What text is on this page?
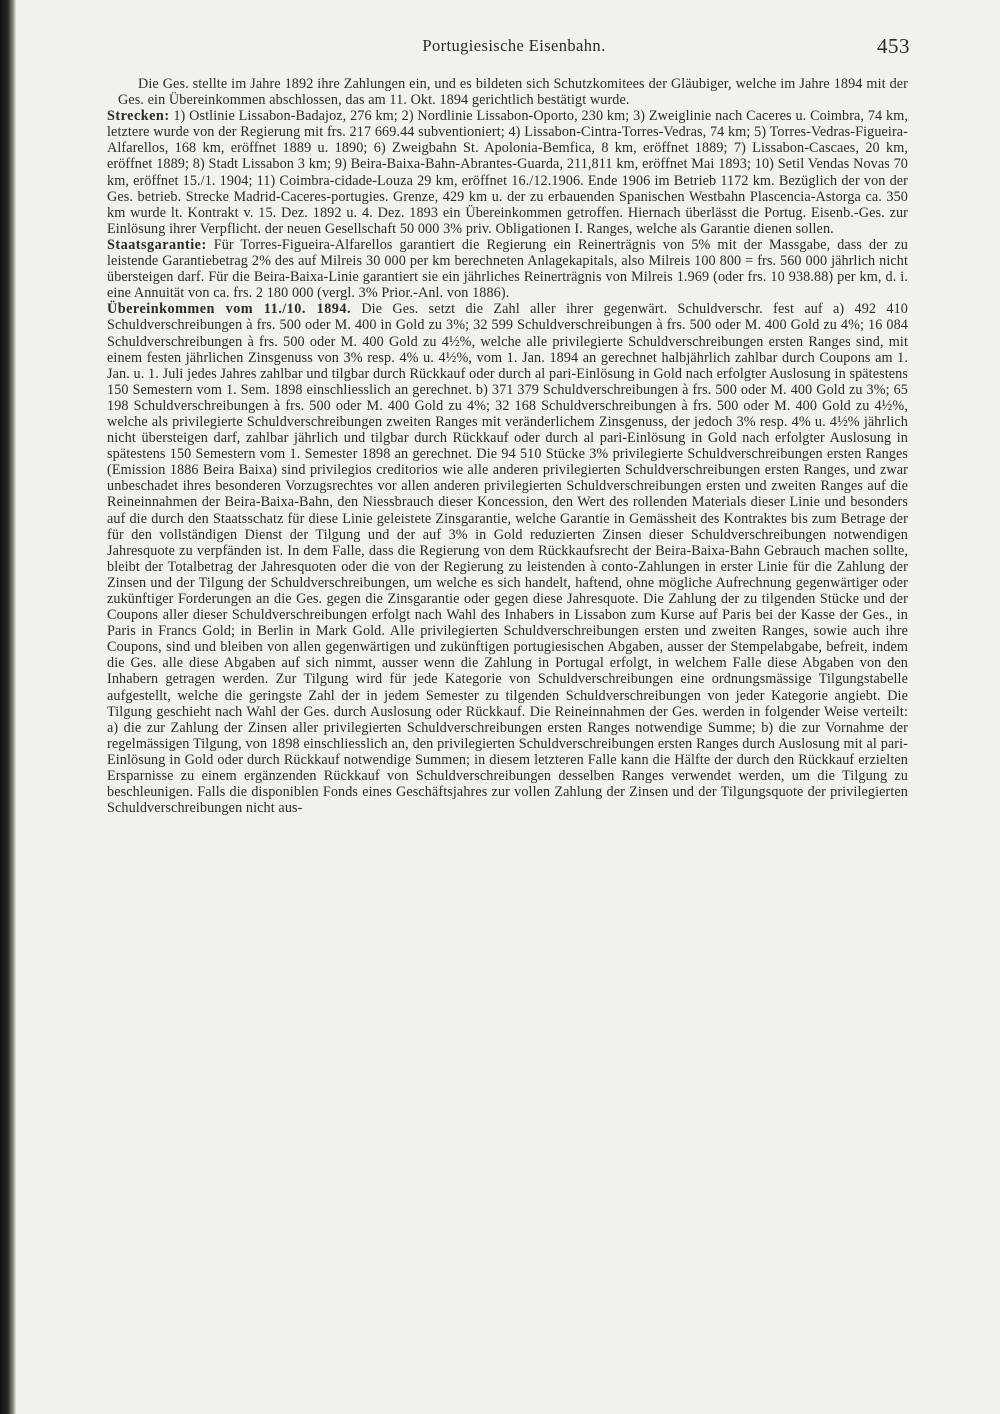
Portugiesische Eisenbahn.	453

Die Ges. stellte im Jahre 1892 ihre Zahlungen ein, und es bildeten sich Schutzkomitees der Gläubiger, welche im Jahre 1894 mit der Ges. ein Übereinkommen abschlossen, das am 11. Okt. 1894 gerichtlich bestätigt wurde.

Strecken: 1) Ostlinie Lissabon-Badajoz, 276 km; 2) Nordlinie Lissabon-Oporto, 230 km; 3) Zweiglinie nach Caceres u. Coimbra, 74 km, letztere wurde von der Regierung mit frs. 217 669.44 subventioniert; 4) Lissabon-Cintra-Torres-Vedras, 74 km; 5) Torres-Vedras-Figueira-Alfarellos, 168 km, eröffnet 1889 u. 1890; 6) Zweigbahn St. Apolonia-Bemfica, 8 km, eröffnet 1889; 7) Lissabon-Cascaes, 20 km, eröffnet 1889; 8) Stadt Lissabon 3 km; 9) Beira-Baixa-Bahn-Abrantes-Guarda, 211,811 km, eröffnet Mai 1893; 10) Setil Vendas Novas 70 km, eröffnet 15./1. 1904; 11) Coimbra-cidade-Louza 29 km, eröffnet 16./12.1906. Ende 1906 im Betrieb 1172 km. Bezüglich der von der Ges. betrieb. Strecke Madrid-Caceres-portugies. Grenze, 429 km u. der zu erbauenden Spanischen Westbahn Plascencia-Astorga ca. 350 km wurde lt. Kontrakt v. 15. Dez. 1892 u. 4. Dez. 1893 ein Übereinkommen getroffen. Hiernach überlässt die Portug. Eisenb.-Ges. zur Einlösung ihrer Verpflicht. der neuen Gesellschaft 50 000 3% priv. Obligationen I. Ranges, welche als Garantie dienen sollen.

Staatsgarantie: Für Torres-Figueira-Alfarellos garantiert die Regierung ein Reinerträgnis von 5% mit der Massgabe, dass der zu leistende Garantiebetrag 2% des auf Milreis 30 000 per km berechneten Anlagekapitals, also Milreis 100 800 = frs. 560 000 jährlich nicht übersteigen darf. Für die Beira-Baixa-Linie garantiert sie ein jährliches Reinerträgnis von Milreis 1.969 (oder frs. 10 938.88) per km, d. i. eine Annuität von ca. frs. 2 180 000 (vergl. 3% Prior.-Anl. von 1886).

Übereinkommen vom 11./10. 1894. Die Ges. setzt die Zahl aller ihrer gegenwärt. Schuldverschr. fest auf a) 492 410 Schuldverschreibungen à frs. 500 oder M. 400 in Gold zu 3%; 32 599 Schuldverschreibungen à frs. 500 oder M. 400 Gold zu 4%; 16 084 Schuldverschreibungen à frs. 500 oder M. 400 Gold zu 4½%, welche alle privilegierte Schuldverschreibungen ersten Ranges sind, mit einem festen jährlichen Zinsgenuss von 3% resp. 4% u. 4½%, vom 1. Jan. 1894 an gerechnet halbjährlich zahlbar durch Coupons am 1. Jan. u. 1. Juli jedes Jahres zahlbar und tilgbar durch Rückkauf oder durch al pari-Einlösung in Gold nach erfolgter Auslosung in spätestens 150 Semestern vom 1. Sem. 1898 einschliesslich an gerechnet. b) 371 379 Schuldverschreibungen à frs. 500 oder M. 400 Gold zu 3%; 65 198 Schuldverschreibungen à frs. 500 oder M. 400 Gold zu 4%; 32 168 Schuldverschreibungen à frs. 500 oder M. 400 Gold zu 4½%, welche als privilegierte Schuldverschreibungen zweiten Ranges mit veränderlichem Zinsgenuss, der jedoch 3% resp. 4% u. 4½% jährlich nicht übersteigen darf, zahlbar jährlich und tilgbar durch Rückkauf oder durch al pari-Einlösung in Gold nach erfolgter Auslosung in spätestens 150 Semestern vom 1. Semester 1898 an gerechnet. Die 94 510 Stücke 3% privilegierte Schuldverschreibungen ersten Ranges (Emission 1886 Beira Baixa) sind privilegios creditorios wie alle anderen privilegierten Schuldverschreibungen ersten Ranges, und zwar unbeschadet ihres besonderen Vorzugsrechtes vor allen anderen privilegierten Schuldverschreibungen ersten und zweiten Ranges auf die Reineinnahmen der Beira-Baixa-Bahn, den Niessbrauch dieser Koncession, den Wert des rollenden Materials dieser Linie und besonders auf die durch den Staatsschatz für diese Linie geleistete Zinsgarantie, welche Garantie in Gemässheit des Kontraktes bis zum Betrage der für den vollständigen Dienst der Tilgung und der auf 3% in Gold reduzierten Zinsen dieser Schuldverschreibungen notwendigen Jahresquote zu verpfänden ist. In dem Falle, dass die Regierung von dem Rückkaufsrecht der Beira-Baixa-Bahn Gebrauch machen sollte, bleibt der Totalbetrag der Jahresquoten oder die von der Regierung zu leistenden à conto-Zahlungen in erster Linie für die Zahlung der Zinsen und der Tilgung der Schuldverschreibungen, um welche es sich handelt, haftend, ohne mögliche Aufrechnung gegenwärtiger oder zukünftiger Forderungen an die Ges. gegen die Zinsgarantie oder gegen diese Jahresquote. Die Zahlung der zu tilgenden Stücke und der Coupons aller dieser Schuldverschreibungen erfolgt nach Wahl des Inhabers in Lissabon zum Kurse auf Paris bei der Kasse der Ges., in Paris in Francs Gold; in Berlin in Mark Gold. Alle privilegierten Schuldverschreibungen ersten und zweiten Ranges, sowie auch ihre Coupons, sind und bleiben von allen gegenwärtigen und zukünftigen portugiesischen Abgaben, ausser der Stempelabgabe, befreit, indem die Ges. alle diese Abgaben auf sich nimmt, ausser wenn die Zahlung in Portugal erfolgt, in welchem Falle diese Abgaben von den Inhabern getragen werden. Zur Tilgung wird für jede Kategorie von Schuldverschreibungen eine ordnungsmässige Tilgungstabelle aufgestellt, welche die geringste Zahl der in jedem Semester zu tilgenden Schuldverschreibungen von jeder Kategorie angiebt. Die Tilgung geschieht nach Wahl der Ges. durch Auslosung oder Rückkauf. Die Reineinnahmen der Ges. werden in folgender Weise verteilt: a) die zur Zahlung der Zinsen aller privilegierten Schuldverschreibungen ersten Ranges notwendige Summe; b) die zur Vornahme der regelmässigen Tilgung, von 1898 einschliesslich an, den privilegierten Schuldverschreibungen ersten Ranges durch Auslosung mit al pari-Einlösung in Gold oder durch Rückkauf notwendige Summen; in diesem letzteren Falle kann die Hälfte der durch den Rückkauf erzielten Ersparnisse zu einem ergänzenden Rückkauf von Schuldverschreibungen desselben Ranges verwendet werden, um die Tilgung zu beschleunigen. Falls die disponiblen Fonds eines Geschäftsjahres zur vollen Zahlung der Zinsen und der Tilgungsquote der privilegierten Schuldverschreibungen nicht aus-
